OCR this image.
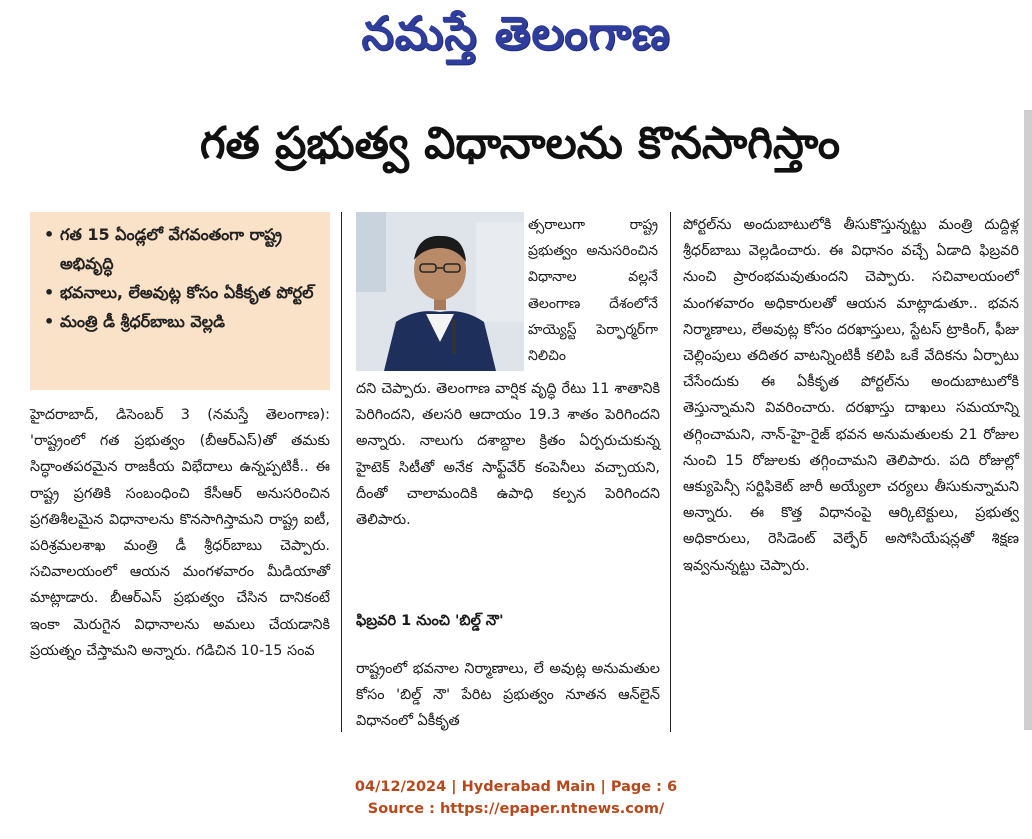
నమస్తే తెలంగాణ
గత ప్రభుత్వ విధానాలను కొనసాగిస్తాం
• గత 15 ఏండ్లలో వేగవంతంగా రాష్ట్ర అభివృద్ధి
• భవనాలు, లేఅవుట్ల కోసం ఏకీకృత పోర్టల్
• మంత్రి డీ శ్రీధర్‌బాబు వెల్లడి

హైదరాబాద్, డిసెంబర్ 3 (నమస్తే తెలంగాణ): 'రాష్ట్రంలో గత ప్రభుత్వం (బీఆర్ఎస్)తో తమకు సిద్ధాంతపరమైన రాజకీయ విభేదాలు ఉన్నప్పటికీ.. ఈ రాష్ట్ర ప్రగతికి సంబంధించి కేసీఆర్ అనుసరించిన ప్రగతిశీలమైన విధానాలను కొనసాగిస్తామని రాష్ట్ర ఐటీ, పరిశ్రమలశాఖ మంత్రి డీ శ్రీధర్‌బాబు చెప్పారు. సచివాలయంలో ఆయన మంగళవారం మీడియాతో మాట్లాడారు. బీఆర్ఎస్ ప్రభుత్వం చేసిన దానికంటే ఇంకా మెరుగైన విధానాలను అమలు చేయడానికి ప్రయత్నం చేస్తామని అన్నారు. గడిచిన 10-15 సంవ

త్సరాలుగా రాష్ట్ర ప్రభుత్వం అనుసరించిన విధానాల వల్లనే తెలంగాణ దేశంలోనే హయ్యెస్ట్ పెర్ఫార్మర్‌గా నిలిచిం

దని చెప్పారు. తెలంగాణ వార్షిక వృద్ధి రేటు 11 శాతానికి పెరిగిందని, తలసరి ఆదాయం 19.3 శాతం పెరిగిందని అన్నారు. నాలుగు దశాబ్దాల క్రితం ఏర్పరుచుకున్న హైటెక్ సిటీతో అనేక సాఫ్ట్‌వేర్ కంపెనీలు వచ్చాయని, దీంతో చాలామందికి ఉపాధి కల్పన పెరిగిందని తెలిపారు.

ఫిబ్రవరి 1 నుంచి 'బిల్డ్ నౌ'

రాష్ట్రంలో భవనాల నిర్మాణాలు, లే అవుట్ల అనుమతుల కోసం 'బిల్డ్ నౌ' పేరిట ప్రభుత్వం నూతన ఆన్‌లైన్ విధానంలో ఏకీకృత

పోర్టల్‌ను అందుబాటులోకి తీసుకొస్తున్నట్టు మంత్రి దుద్దిళ్ల శ్రీధర్‌బాబు వెల్లడించారు. ఈ విధానం వచ్చే ఏడాది ఫిబ్రవరి నుంచి ప్రారంభమవుతుందని చెప్పారు. సచివాలయంలో మంగళవారం అధికారులతో ఆయన మాట్లాడుతూ.. భవన నిర్మాణాలు, లేఅవుట్ల కోసం దరఖాస్తులు, స్టేటస్ ట్రాకింగ్, ఫీజు చెల్లింపులు తదితర వాటన్నింటికీ కలిపి ఒకే వేదికను ఏర్పాటు చేసేందుకు ఈ ఏకీకృత పోర్టల్‌ను అందుబాటులోకి తెస్తున్నామని వివరించారు. దరఖాస్తు దాఖలు సమయాన్ని తగ్గించామని, నాన్-హై-రైజ్ భవన అనుమతులకు 21 రోజుల నుంచి 15 రోజులకు తగ్గించామని తెలిపారు. పది రోజుల్లో ఆక్యుపెన్సీ సర్టిఫికెట్ జారీ అయ్యేలా చర్యలు తీసుకున్నామని అన్నారు. ఈ కొత్త విధానంపై ఆర్కిటెక్టులు, ప్రభుత్వ అధికారులు, రెసిడెంట్ వెల్ఫేర్ అసోసియేషన్లతో శిక్షణ ఇవ్వనున్నట్టు చెప్పారు.

04/12/2024 | Hyderabad Main | Page : 6
Source : https://epaper.ntnews.com/
